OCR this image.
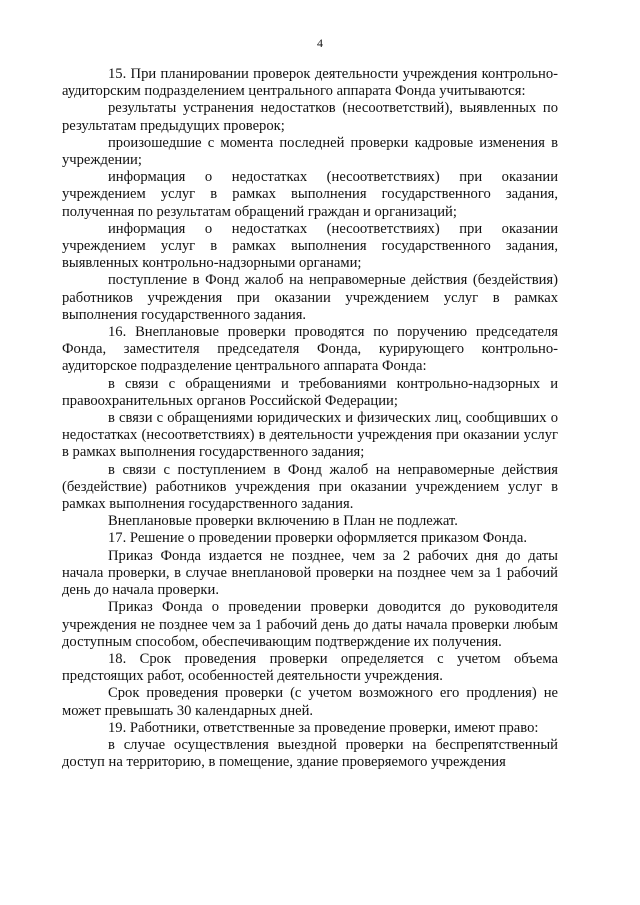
4

15. При планировании проверок деятельности учреждения контрольно-аудиторским подразделением центрального аппарата Фонда учитываются:

результаты устранения недостатков (несоответствий), выявленных по результатам предыдущих проверок;

произошедшие с момента последней проверки кадровые изменения в учреждении;

информация о недостатках (несоответствиях) при оказании учреждением услуг в рамках выполнения государственного задания, полученная по результатам обращений граждан и организаций;

информация о недостатках (несоответствиях) при оказании учреждением услуг в рамках выполнения государственного задания, выявленных контрольно-надзорными органами;

поступление в Фонд жалоб на неправомерные действия (бездействия) работников учреждения при оказании учреждением услуг в рамках выполнения государственного задания.

16. Внеплановые проверки проводятся по поручению председателя Фонда, заместителя председателя Фонда, курирующего контрольно-аудиторское подразделение центрального аппарата Фонда:

в связи с обращениями и требованиями контрольно-надзорных и правоохранительных органов Российской Федерации;

в связи с обращениями юридических и физических лиц, сообщивших о недостатках (несоответствиях) в деятельности учреждения при оказании услуг в рамках выполнения государственного задания;

в связи с поступлением в Фонд жалоб на неправомерные действия (бездействие) работников учреждения при оказании учреждением услуг в рамках выполнения государственного задания.

Внеплановые проверки включению в План не подлежат.

17. Решение о проведении проверки оформляется приказом Фонда.

Приказ Фонда издается не позднее, чем за 2 рабочих дня до даты начала проверки, в случае внеплановой проверки на позднее чем за 1 рабочий день до начала проверки.

Приказ Фонда о проведении проверки доводится до руководителя учреждения не позднее чем за 1 рабочий день до даты начала проверки любым доступным способом, обеспечивающим подтверждение их получения.

18. Срок проведения проверки определяется с учетом объема предстоящих работ, особенностей деятельности учреждения.

Срок проведения проверки (с учетом возможного его продления) не может превышать 30 календарных дней.

19. Работники, ответственные за проведение проверки, имеют право:

в случае осуществления выездной проверки на беспрепятственный доступ на территорию, в помещение, здание проверяемого учреждения
